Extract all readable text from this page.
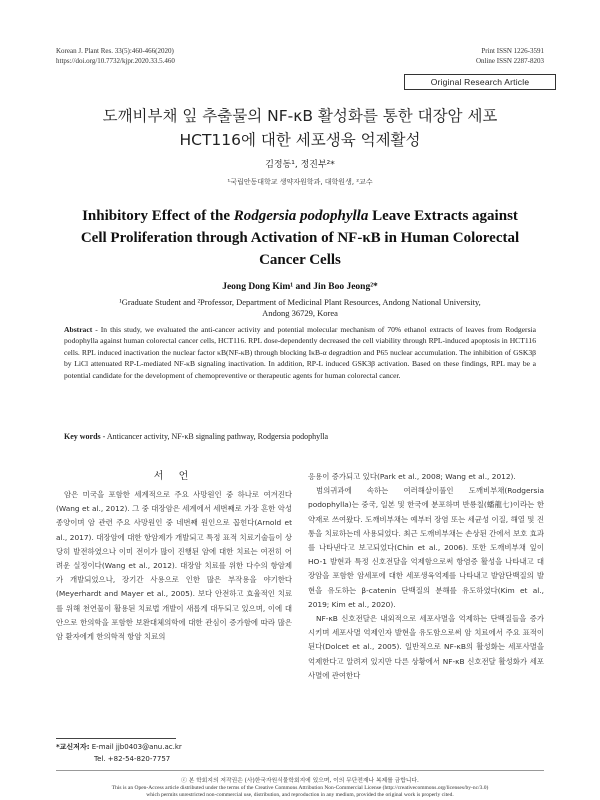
Korean J. Plant Res. 33(5):460-466(2020)
https://doi.org/10.7732/kjpr.2020.33.5.460
Print ISSN 1226-3591
Online ISSN 2287-8203
Original Research Article
도깨비부채 잎 추출물의 NF-κB 활성화를 통한 대장암 세포
HCT116에 대한 세포생육 억제활성
김정동¹, 정진부²*
¹국립안동대학교 생약자원학과, 대학원생, ²교수
Inhibitory Effect of the Rodgersia podophylla Leave Extracts against
Cell Proliferation through Activation of NF-κB in Human Colorectal
Cancer Cells
Jeong Dong Kim¹ and Jin Boo Jeong²*
¹Graduate Student and ²Professor, Department of Medicinal Plant Resources, Andong National University,
Andong 36729, Korea
Abstract - In this study, we evaluated the anti-cancer activity and potential molecular mechanism of 70% ethanol extracts of leaves from Rodgersia podophylla against human colorectal cancer cells, HCT116. RPL dose-dependently decreased the cell viability through RPL-induced apoptosis in HCT116 cells. RPL induced inactivation the nuclear factor κB(NF-κB) through blocking IκB-α degradtion and P65 nuclear accumulation. The inhibition of GSK3β by LiCl attenuated RP-L-mediated NF-κB signaling inactivation. In addition, RP-L induced GSK3β activation. Based on these findings, RPL may be a potential candidate for the development of chemopreventive or therapeutic agents for human colorectal cancer.
Key words - Anticancer activity, NF-κB signaling pathway, Rodgersia podophylla
서 언

암은 미국을 포함한 세계적으로 주요 사망원인 중 하나로 여겨진다(Wang et al., 2012). 그 중 대장암은 세계에서 세번째로 가장 흔한 악성종양이며 암 관련 주요 사망원인 중 네번째 원인으로 꼽힌다(Arnold et al., 2017). 대장암에 대한 항암제가 개발되고 특정 표적 치료기술들이 상당히 발전하였으나 이미 전이가 많이 진행된 암에 대한 치료는 여전히 어려운 실정이다(Wang et al., 2012). 대장암 치료를 위한 다수의 항암제가 개발되었으나, 장기간 사용으로 인한 많은 부작용을 야기한다(Meyerhardt and Mayer et al., 2005). 보다 안전하고 효율적인 치료를 위해 천연물이 활용된 치료법 개발이 새롭게 대두되고 있으며, 이에 대안으로 한의학을 포함한 보완대체의학에 대한 관심이 증가함에 따라 많은 암 환자에게 한의학적 항암 치료의

응용이 증가되고 있다(Park et al., 2008; Wang et al., 2012).

범의귀과에 속하는 여러해살이풀인 도깨비부채(Rodgersia podophylla)는 중국, 일본 및 한국에 분포하며 반룡칠(蟠龍七)이라는 한약재로 쓰여왔다. 도깨비부채는 예부터 장염 또는 세균성 이질, 해열 및 진통을 치료하는데 사용되었다. 최근 도깨비부채는 손상된 간에서 보호 효과를 나타낸다고 보고되었다(Chin et al., 2006). 또한 도깨비부채 잎이 HO-1 발현과 특정 신호전달을 억제함으로써 항염증 활성을 나타내고 대장암을 포함한 암세포에 대한 세포생육억제를 나타내고 발암단백질의 발현을 유도하는 β-catenin 단백질의 분해를 유도하였다(Kim et al., 2019; Kim et al., 2020).

NF-κB 신호전달은 내외적으로 세포사멸을 억제하는 단백질들을 증가시키며 세포사멸 억제인자 발현을 유도함으로써 암 치료에서 주요 표적이 된다(Dolcet et al., 2005). 일반적으로 NF-κB의 활성화는 세포사멸을 억제한다고 알려져 있지만 다른 상황에서 NF-κB 신호전달 활성화가 세포사멸에 관여한다

*교신저자: E-mail jjb0403@anu.ac.kr
Tel. +82-54-820-7757
ⓒ 본 학회지의 저작권은 (사)한국자원식물학회지에 있으며, 이의 무단전재나 복제를 금합니다.
This is an Open-Access article distributed under the terms of the Creative Commons Attribution Non-Commercial License (http://creativecommons.org/licenses/by-nc/3.0)
which permits unrestricted non-commercial use, distribution, and reproduction in any medium, provided the original work is properly cited.
